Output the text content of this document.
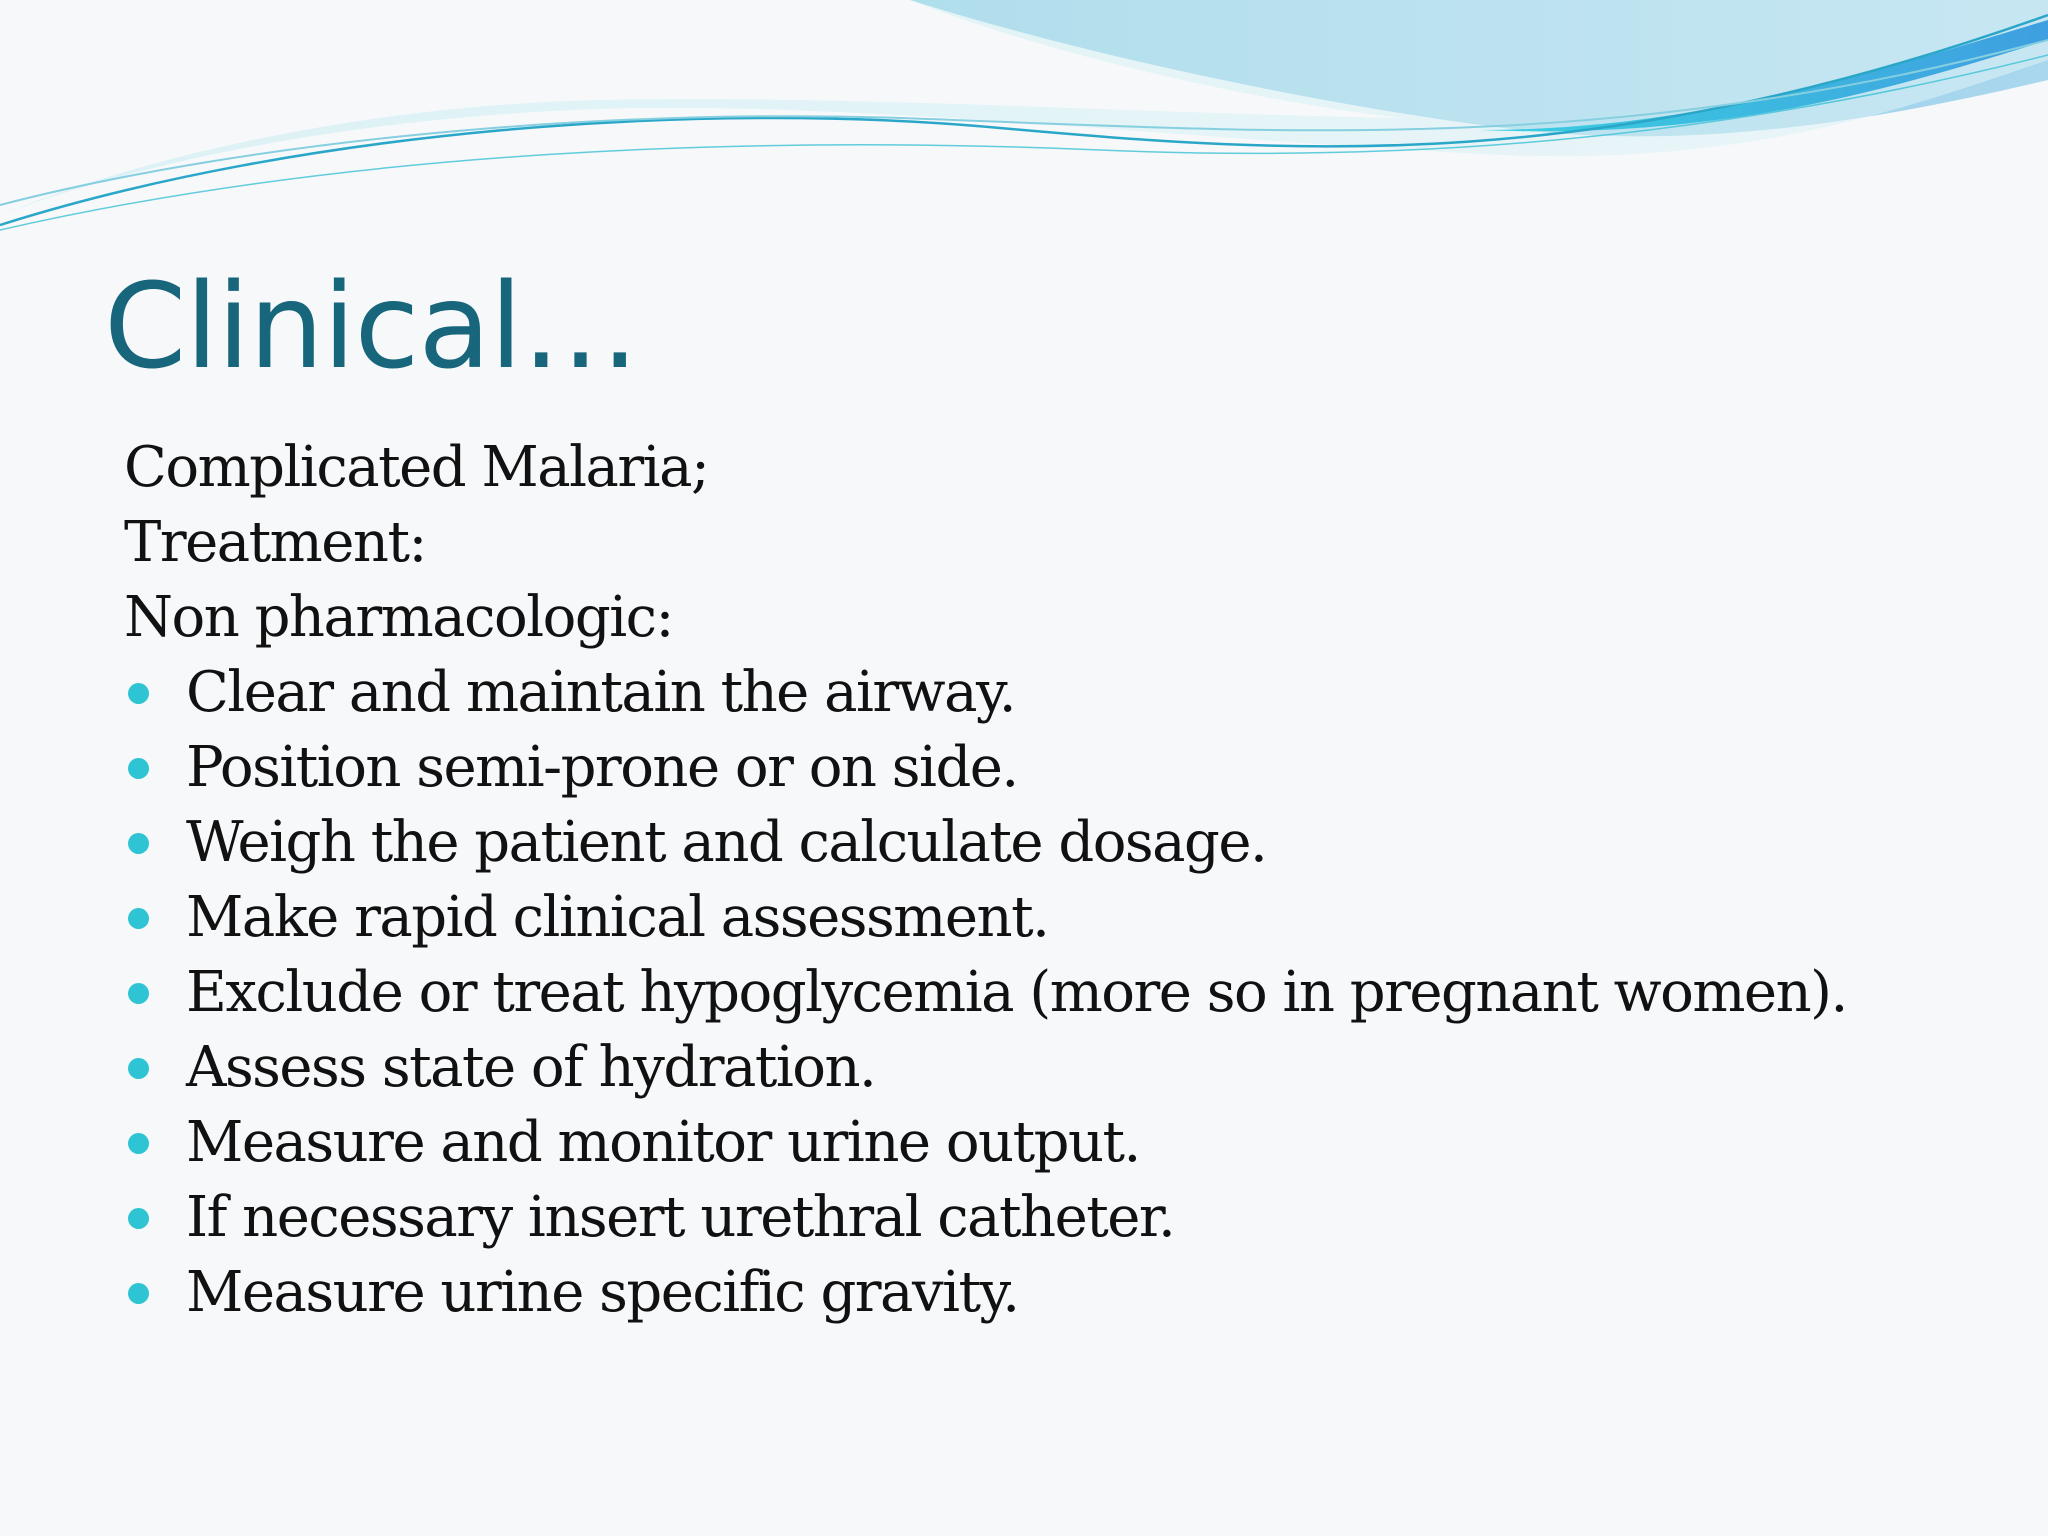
Clinical…
Complicated Malaria;
Treatment:
Non pharmacologic:
Clear and maintain the airway.
Position semi-prone or on side.
Weigh the patient and calculate dosage.
Make rapid clinical assessment.
Exclude or treat hypoglycemia (more so in pregnant women).
Assess state of hydration.
Measure and monitor urine output.
If necessary insert urethral catheter.
Measure urine specific gravity.
